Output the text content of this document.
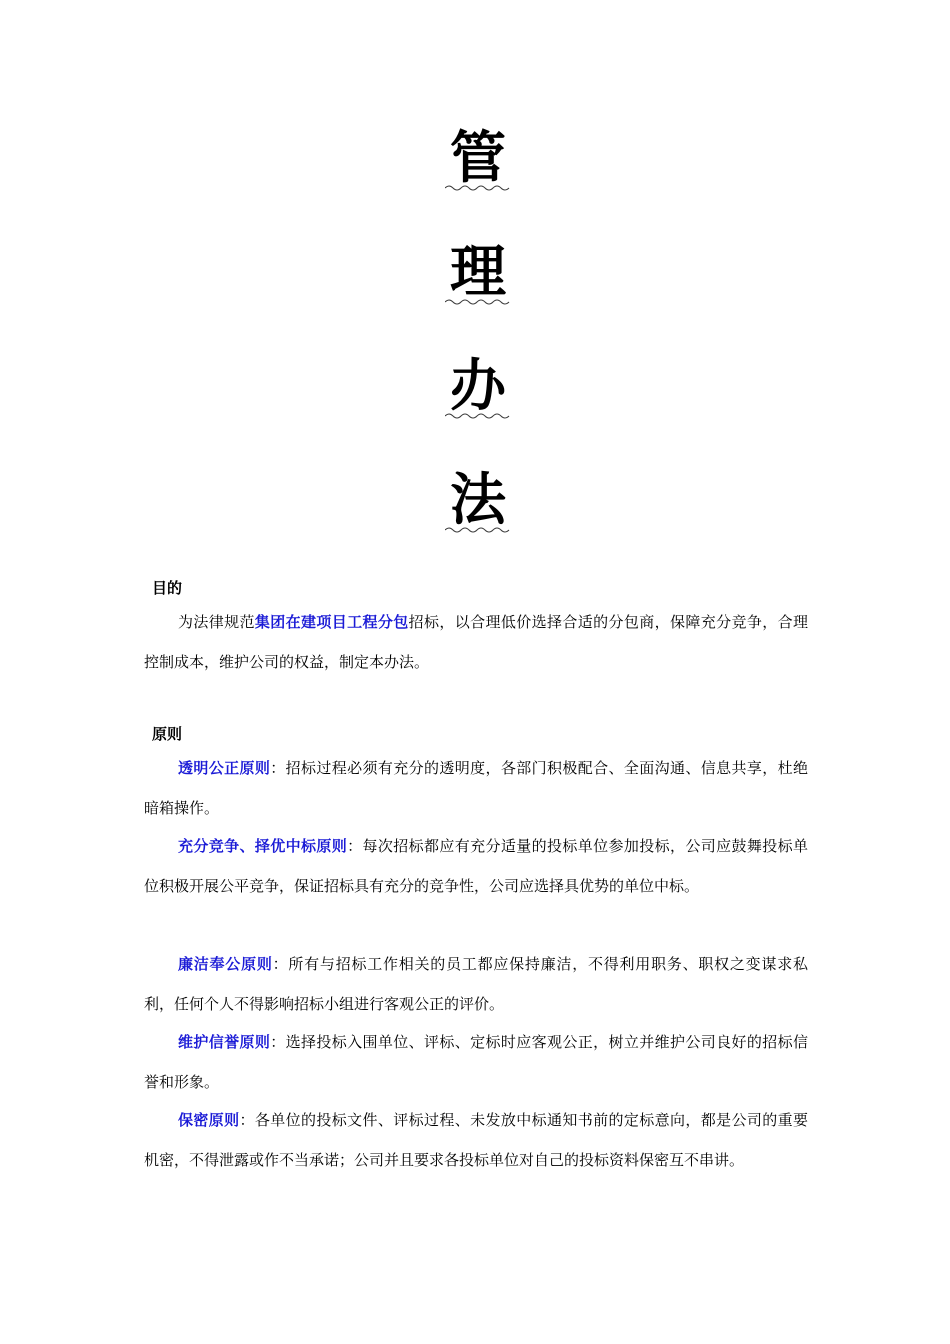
管
理
办
法
目的

为法律规范集团在建项目工程分包招标，以合理低价选择合适的分包商，保障充分竞争，合理控制成本，维护公司的权益，制定本办法。

原则

透明公正原则：招标过程必须有充分的透明度，各部门积极配合、全面沟通、信息共享，杜绝暗箱操作。

充分竞争、择优中标原则：每次招标都应有充分适量的投标单位参加投标，公司应鼓舞投标单位积极开展公平竞争，保证招标具有充分的竞争性，公司应选择具优势的单位中标。

廉洁奉公原则：所有与招标工作相关的员工都应保持廉洁，不得利用职务、职权之变谋求私利，任何个人不得影响招标小组进行客观公正的评价。

维护信誉原则：选择投标入围单位、评标、定标时应客观公正，树立并维护公司良好的招标信誉和形象。

保密原则：各单位的投标文件、评标过程、未发放中标通知书前的定标意向，都是公司的重要机密，不得泄露或作不当承诺；公司并且要求各投标单位对自己的投标资料保密互不串讲。
